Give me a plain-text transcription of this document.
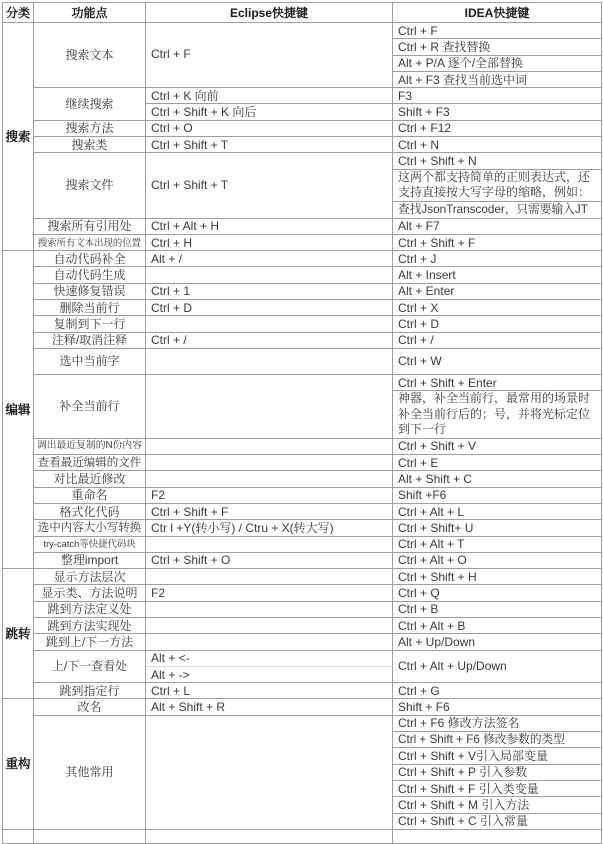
分类	功能点	Eclipse快捷键	IDEA快捷键
搜索	搜索文本	Ctrl + F	Ctrl + F
			Ctrl + R 查找替换
			Alt + P/A 逐个/全部替换
			Alt + F3 查找当前选中词
	继续搜索	Ctrl + K 向前	F3
		Ctrl + Shift + K 向后	Shift + F3
	搜索方法	Ctrl + O	Ctrl + F12
	搜索类	Ctrl + Shift + T	Ctrl + N
	搜索文件	Ctrl + Shift + T	Ctrl + Shift + N
			这两个都支持简单的正则表达式，还支持直接按大写字母的缩略，例如：

			查找JsonTranscoder，只需要输入JT
	搜索所有引用处	Ctrl + Alt + H	Alt + F7
	搜索所有文本出现的位置	Ctrl + H	Ctrl + Shift + F
编辑	自动代码补全	Alt + /	Ctrl + J
	自动代码生成		Alt + Insert
	快速修复错误	Ctrl + 1	Alt + Enter
	删除当前行	Ctrl + D	Ctrl + X
	复制到下一行		Ctrl + D
	注释/取消注释	Ctrl + /	Ctrl + /
	选中当前字		Ctrl + W
	补全当前行		Ctrl + Shift + Enter
			神器，补全当前行，最常用的场景时补全当前行后的；号，并将光标定位到下一行

	调出最近复制的N份内容		Ctrl + Shift + V
	查看最近编辑的文件		Ctrl + E
	对比最近修改		Alt + Shift + C
	重命名	F2	Shift +F6
	格式化代码	Ctrl + Shift + F	Ctrl + Alt + L
	选中内容大小写转换	Ctr l +Y(转小写) / Ctru + X(转大写)	Ctrl + Shift+ U
	try-catch等快捷代码块		Ctrl + Alt + T
	整理import	Ctrl + Shift + O	Ctrl + Alt + O
跳转	显示方法层次		Ctrl + Shift + H
	显示类、方法说明	F2	Ctrl + Q
	跳到方法定义处		Ctrl + B
	跳到方法实现处		Ctrl + Alt + B
	跳到上/下一方法		Alt + Up/Down
	上/下一查看处	Alt + <-	Ctrl + Alt + Up/Down
		Alt + ->	
	跳到指定行	Ctrl + L	Ctrl + G
重构	改名	Alt + Shift + R	Shift + F6
	其他常用		Ctrl + F6 修改方法签名
			Ctrl + Shift + F6 修改参数的类型
			Ctrl + Shift + V引入局部变量
			Ctrl + Shift + P 引入参数
			Ctrl + Shift + F 引入类变量
			Ctrl + Shift + M 引入方法
			Ctrl + Shift + C 引入常量
